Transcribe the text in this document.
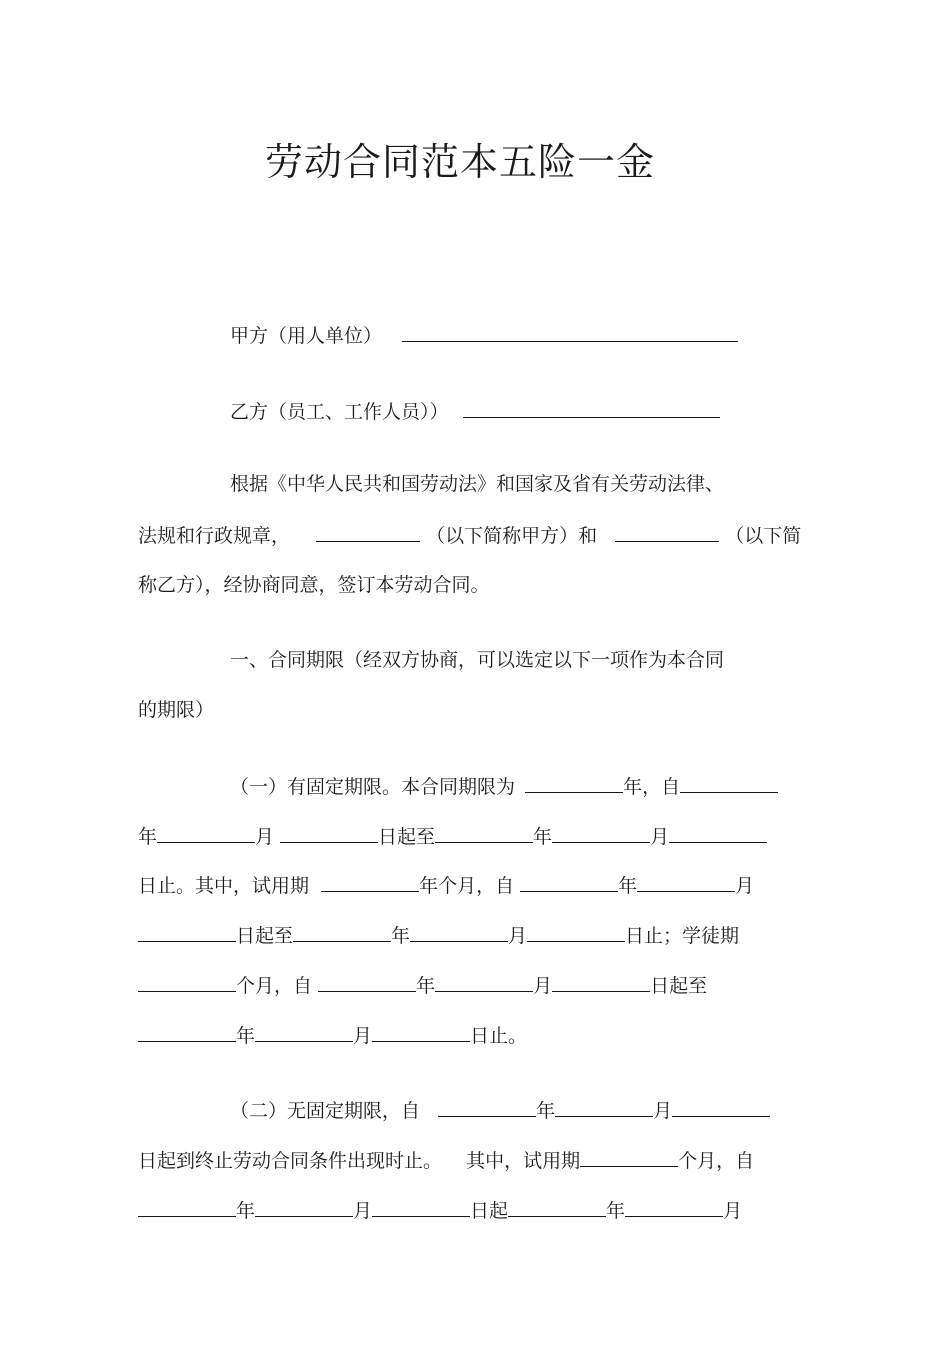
劳动合同范本五险一金
甲方（用人单位）
乙方（员工、工作人员））
根据《中华人民共和国劳动法》和国家及省有关劳动法律、
法规和行政规章，	（以下简称甲方）和	（以下简
称乙方），经协商同意，签订本劳动合同。
一、合同期限（经双方协商，可以选定以下一项作为本合同
的期限）
（一）有固定期限。本合同期限为	年，自
年	月	日起至	年	月
日止。其中，试用期	年个月，自	年	月
日起至	年	月	日止；学徒期
个月，自	年	月	日起至
年	月	日止。
（二）无固定期限，自	年	月
日起到终止劳动合同条件出现时止。 其中，试用期	个月，自
年	月	日起	年	月
